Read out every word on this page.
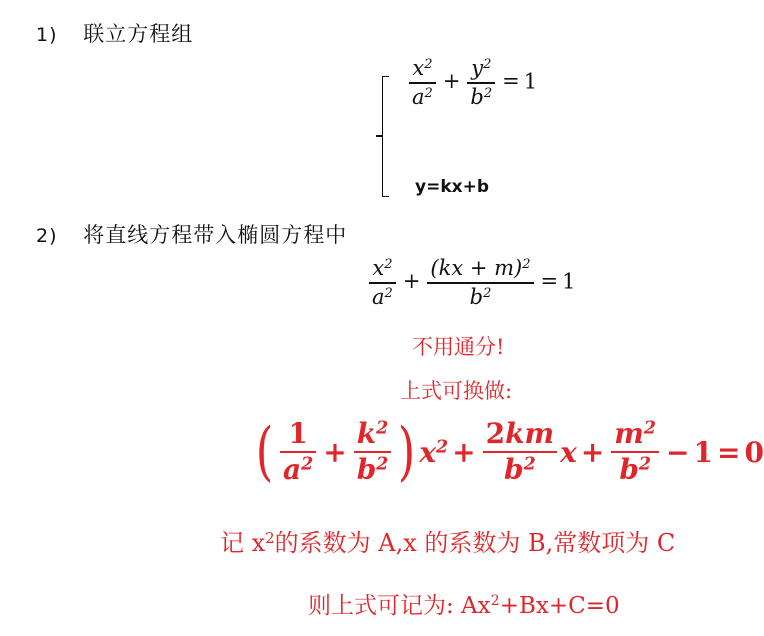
1) 联立方程组
$\frac{x^2}{a^2} + \frac{y^2}{b^2} = 1$
y=kx+b
2) 将直线方程带入椭圆方程中
$\frac{x^2}{a^2} + \frac{(kx + m)^2}{b^2} = 1$
不用通分!
上式可换做:
( $\frac{1}{a^2} + \frac{k^2}{b^2}$ ) $x^2 + \frac{2km}{b^2}$ $x + \frac{m^2}{b^2} - 1 = 0$
记 $x^2$的系数为 A,x 的系数为 B,常数项为 C
则上式可记为: $Ax^2+Bx+C=0$
